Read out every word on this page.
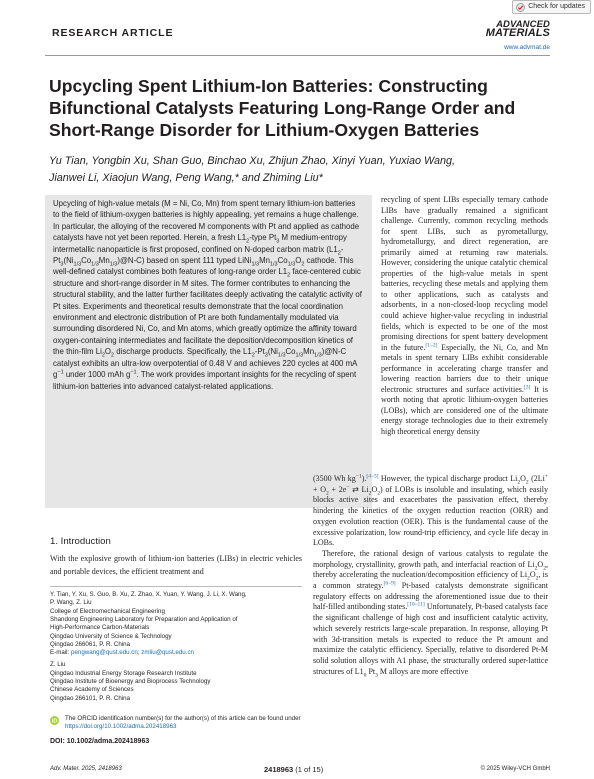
Check for updates
RESEARCH ARTICLE
ADVANCED
MATERIALS
www.advmat.de
Upcycling Spent Lithium-Ion Batteries: Constructing Bifunctional Catalysts Featuring Long-Range Order and Short-Range Disorder for Lithium-Oxygen Batteries
Yu Tian, Yongbin Xu, Shan Guo, Binchao Xu, Zhijun Zhao, Xinyi Yuan, Yuxiao Wang,
Jianwei Li, Xiaojun Wang, Peng Wang,* and Zhiming Liu*

Upcycling of high-value metals (M = Ni, Co, Mn) from spent ternary lithium-ion batteries to the field of lithium-oxygen batteries is highly appealing, yet remains a huge challenge. In particular, the alloying of the recovered M components with Pt and applied as cathode catalysts have not yet been reported. Herein, a fresh $L1_2$-type $Pt_3$ M medium-entropy intermetallic nanoparticle is first proposed, confined on N-doped carbon matrix $(L1_2-Pt_3(Ni_{1/3}Co_{1/3}Mn_{1/3})@N-C)$ based on spent 111 typed $LiNi_{1/3}Mn_{1/3}Co_{1/3}O_2$ cathode. This well-defined catalyst combines both features of long-range order $L1_2$ face-centered cubic structure and short-range disorder in M sites. The former contributes to enhancing the structural stability, and the latter further facilitates deeply activating the catalytic activity of Pt sites. Experiments and theoretical results demonstrate that the local coordination environment and electronic distribution of Pt are both fundamentally modulated via surrounding disordered Ni, Co, and Mn atoms, which greatly optimize the affinity toward oxygen-containing intermediates and facilitate the deposition/decomposition kinetics of the thin-film $Li_2O_2$ discharge products. Specifically, the $L1_2-Pt_3(Ni_{1/3}Co_{1/3}Mn_{1/3})@N-C$ catalyst exhibits an ultra-low overpotential of 0.48 V and achieves 220 cycles at 400 mA $g^{-1}$ under 1000 mAh $g^{-1}$. The work provides important insights for the recycling of spent lithium-ion batteries into advanced catalyst-related applications.

recycling of spent LIBs especially ternary cathode LIBs have gradually remained a significant challenge. Currently, common recycling methods for spent LIBs, such as pyrometallurgy, hydrometallurgy, and direct regeneration, are primarily aimed at returning raw materials. However, considering the unique catalytic chemical properties of the high-value metals in spent batteries, recycling these metals and applying them to other applications, such as catalysts and adsorbents, in a non-closed-loop recycling model could achieve higher-value recycling in industrial fields, which is expected to be one of the most promising directions for spent battery development in the future.[1–2] Especially, the Ni, Co, and Mn metals in spent ternary LIBs exhibit considerable performance in accelerating charge transfer and lowering reaction barriers due to their unique electronic structures and surface activities.[3] It is worth noting that aprotic lithium-oxygen batteries (LOBs), which are considered one of the ultimate energy storage technologies due to their extremely high theoretical energy density
(3500 Wh $kg^{-1}).[4-5]$ However, the typical discharge product $Li_2O_2$ ($2Li^+ + O_2 + 2e^-$ ⇄ $Li_2O_2$) of LOBs is insoluble and insulating, which easily blocks active sites and exacerbates the passivation effect, thereby hindering the kinetics of the oxygen reduction reaction (ORR) and oxygen evolution reaction (OER). This is the fundamental cause of the excessive polarization, low round-trip efficiency, and cycle life decay in LOBs.
Therefore, the rational design of various catalysts to regulate the morphology, crystallinity, growth path, and interfacial reaction of $Li_2O_2$, thereby accelerating the nucleation/decomposition efficiency of $Li_2O_2$, is a common strategy.[6–9] Pt-based catalysts demonstrate significant regulatory effects on addressing the aforementioned issue due to their half-filled antibonding states.[10–11] Unfortunately, Pt-based catalysts face the significant challenge of high cost and insufficient catalytic activity, which severely restricts large-scale preparation. In response, alloying Pt with 3d-transition metals is expected to reduce the Pt amount and maximize the catalytic efficiency. Specially, relative to disordered Pt-M solid solution alloys with A1 phase, the structurally ordered super-lattice structures of $L1_0$ $Pt_3$ M alloys are more effective
1. Introduction
With the explosive growth of lithium-ion batteries (LIBs) in electric vehicles and portable devices, the efficient treatment and
Y. Tian, Y. Xu, S. Guo, B. Xu, Z. Zhao, X. Yuan, Y. Wang, J. Li, X. Wang,
P. Wang, Z. Liu
College of Electromechanical Engineering
Shandong Engineering Laboratory for Preparation and Application of
High-Performance Carbon-Materials
Qingdao University of Science & Technology
Qingdao 266061, P. R. China
E-mail: pengwang@qust.edu.cn; zmliu@qust.edu.cn
Z. Liu
Qingdao Industrial Energy Storage Research Institute
Qingdao Institute of Bioenergy and Bioprocess Technology
Chinese Academy of Sciences
Qingdao 266101, P. R. China
iD The ORCID identification number(s) for the author(s) of this article can be found under https://doi.org/10.1002/adma.202418963
DOI: 10.1002/adma.202418963
Adv. Mater. 2025, 2418963	2418963 (1 of 15)	© 2025 Wiley-VCH GmbH
